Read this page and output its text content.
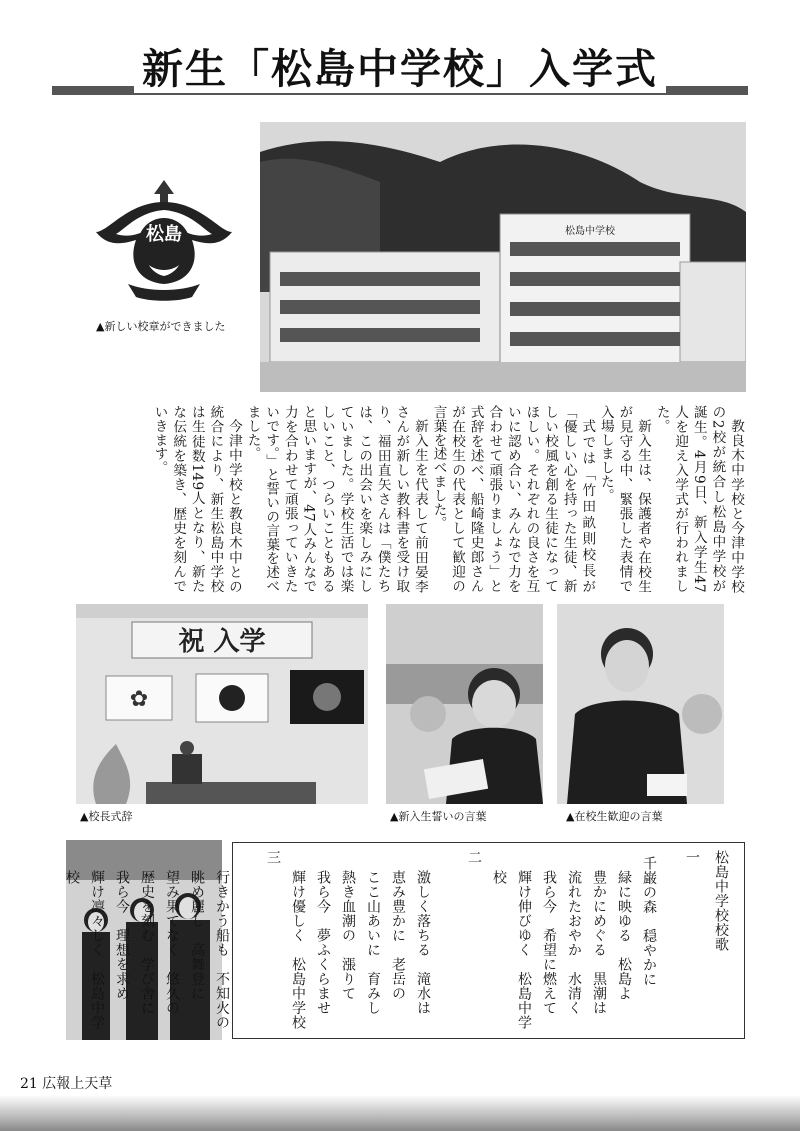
新生「松島中学校」入学式
松島
▲新しい校章ができました
松島中学校

教良木中学校と今津中学校の2校が統合し松島中学校が誕生。4月9日、新入学生47人を迎え入学式が行われました。

新入生は、保護者や在校生が見守る中、緊張した表情で入場しました。

式では「竹田畝則校長が「優しい心を持った生徒、新しい校風を創る生徒になってほしい。それぞれの良さを互いに認め合い、みんなで力を合わせて頑張りましょう」と式辞を述べ、船崎隆史郎さんが在校生の代表として歓迎の言葉を述べました。

新入生を代表して前田晏李さんが新しい教科書を受け取り、福田直矢さんは「僕たちは、この出会いを楽しみにしていました。学校生活では楽しいこと、つらいこともあると思いますが、47人みんなで力を合わせて頑張っていきたいです。」と誓いの言葉を述べました。

今津中学校と教良木中との統合により、新生松島中学校は生徒数149人となり、新たな伝統を築き、歴史を刻んでいきます。

祝 入学
✿
▲校長式辞	▲新入生誓いの言葉	▲在校生歓迎の言葉
松島中学校校歌
一
千巌の森　穏やかに
緑に映ゆる　松島よ
豊かにめぐる　黒潮は
流れたおやか　水清く
我ら今　希望に燃えて
輝け伸びゆく　松島中学校
二
激しく落ちる　滝水は
恵み豊かに　老岳の
ここ山あいに　育みし
熱き血潮の　漲りて
我ら今　夢ふくらませ
輝け優しく　松島中学校
三
行きかう船も　不知火の
眺め麗し　高舞登に
望み果てなく　悠久の
歴史を刻む　学び舎に
我ら今　理想を求め
輝け凛々しく　松島中学校
21 広報上天草
